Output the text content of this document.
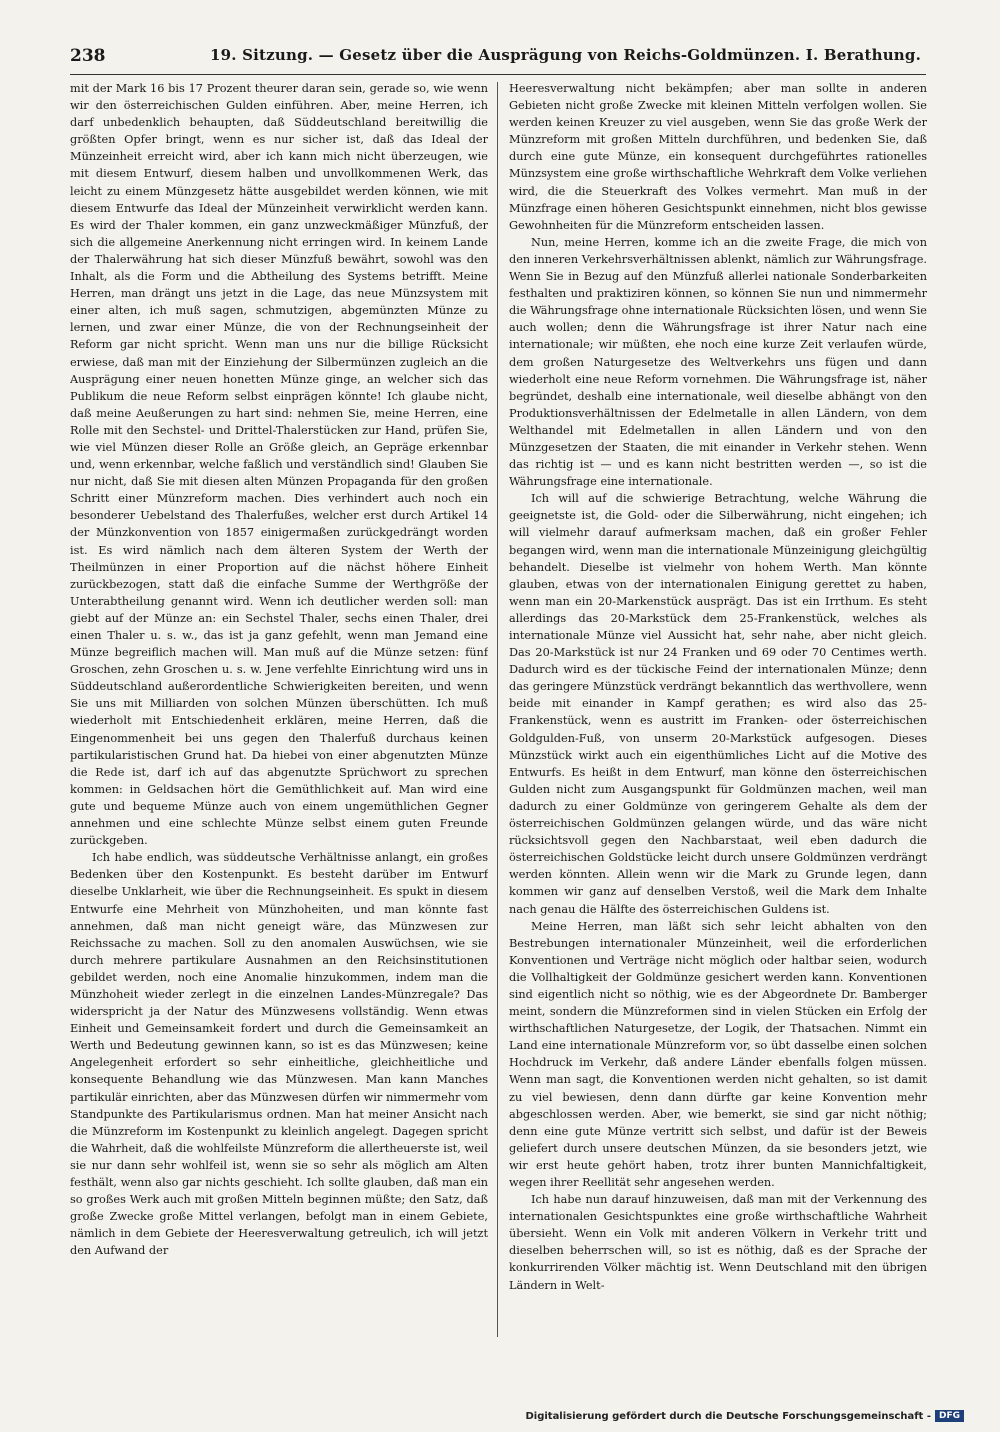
238	19. Sitzung. — Gesetz über die Ausprägung von Reichs-Goldmünzen. I. Berathung.

mit der Mark 16 bis 17 Prozent theurer daran sein, gerade so, wie wenn wir den österreichischen Gulden einführen. Aber, meine Herren, ich darf unbedenklich behaupten, daß Süddeutschland bereitwillig die größten Opfer bringt, wenn es nur sicher ist, daß das Ideal der Münzeinheit erreicht wird, aber ich kann mich nicht überzeugen, wie mit diesem Entwurf, diesem halben und unvollkommenen Werk, das leicht zu einem Münzgesetz hätte ausgebildet werden können, wie mit diesem Entwurfe das Ideal der Münzeinheit verwirklicht werden kann. Es wird der Thaler kommen, ein ganz unzweckmäßiger Münzfuß, der sich die allgemeine Anerkennung nicht erringen wird. In keinem Lande der Thalerwährung hat sich dieser Münzfuß bewährt, sowohl was den Inhalt, als die Form und die Abtheilung des Systems betrifft. Meine Herren, man drängt uns jetzt in die Lage, das neue Münzsystem mit einer alten, ich muß sagen, schmutzigen, abgemünzten Münze zu lernen, und zwar einer Münze, die von der Rechnungseinheit der Reform gar nicht spricht. Wenn man uns nur die billige Rücksicht erwiese, daß man mit der Einziehung der Silbermünzen zugleich an die Ausprägung einer neuen honetten Münze ginge, an welcher sich das Publikum die neue Reform selbst einprägen könnte! Ich glaube nicht, daß meine Aeußerungen zu hart sind: nehmen Sie, meine Herren, eine Rolle mit den Sechstel- und Drittel-Thalerstücken zur Hand, prüfen Sie, wie viel Münzen dieser Rolle an Größe gleich, an Gepräge erkennbar und, wenn erkennbar, welche faßlich und verständlich sind! Glauben Sie nur nicht, daß Sie mit diesen alten Münzen Propaganda für den großen Schritt einer Münzreform machen. Dies verhindert auch noch ein besonderer Uebelstand des Thalerfußes, welcher erst durch Artikel 14 der Münzkonvention von 1857 einigermaßen zurückgedrängt worden ist. Es wird nämlich nach dem älteren System der Werth der Theilmünzen in einer Proportion auf die nächst höhere Einheit zurückbezogen, statt daß die einfache Summe der Werthgröße der Unterabtheilung genannt wird. Wenn ich deutlicher werden soll: man giebt auf der Münze an: ein Sechstel Thaler, sechs einen Thaler, drei einen Thaler u. s. w., das ist ja ganz gefehlt, wenn man Jemand eine Münze begreiflich machen will. Man muß auf die Münze setzen: fünf Groschen, zehn Groschen u. s. w. Jene verfehlte Einrichtung wird uns in Süddeutschland außerordentliche Schwierigkeiten bereiten, und wenn Sie uns mit Milliarden von solchen Münzen überschütten. Ich muß wiederholt mit Entschiedenheit erklären, meine Herren, daß die Eingenommenheit bei uns gegen den Thalerfuß durchaus keinen partikularistischen Grund hat. Da hiebei von einer abgenutzten Münze die Rede ist, darf ich auf das abgenutzte Sprüchwort zu sprechen kommen: in Geldsachen hört die Gemüthlichkeit auf. Man wird eine gute und bequeme Münze auch von einem ungemüthlichen Gegner annehmen und eine schlechte Münze selbst einem guten Freunde zurückgeben.

Ich habe endlich, was süddeutsche Verhältnisse anlangt, ein großes Bedenken über den Kostenpunkt. Es besteht darüber im Entwurf dieselbe Unklarheit, wie über die Rechnungseinheit. Es spukt in diesem Entwurfe eine Mehrheit von Münzhoheiten, und man könnte fast annehmen, daß man nicht geneigt wäre, das Münzwesen zur Reichssache zu machen. Soll zu den anomalen Auswüchsen, wie sie durch mehrere partikulare Ausnahmen an den Reichsinstitutionen gebildet werden, noch eine Anomalie hinzukommen, indem man die Münzhoheit wieder zerlegt in die einzelnen Landes-Münzregale? Das widerspricht ja der Natur des Münzwesens vollständig. Wenn etwas Einheit und Gemeinsamkeit fordert und durch die Gemeinsamkeit an Werth und Bedeutung gewinnen kann, so ist es das Münzwesen; keine Angelegenheit erfordert so sehr einheitliche, gleichheitliche und konsequente Behandlung wie das Münzwesen. Man kann Manches partikulär einrichten, aber das Münzwesen dürfen wir nimmermehr vom Standpunkte des Partikularismus ordnen. Man hat meiner Ansicht nach die Münzreform im Kostenpunkt zu kleinlich angelegt. Dagegen spricht die Wahrheit, daß die wohlfeilste Münzreform die allertheuerste ist, weil sie nur dann sehr wohlfeil ist, wenn sie so sehr als möglich am Alten festhält, wenn also gar nichts geschieht. Ich sollte glauben, daß man ein so großes Werk auch mit großen Mitteln beginnen müßte; den Satz, daß große Zwecke große Mittel verlangen, befolgt man in einem Gebiete, nämlich in dem Gebiete der Heeresverwaltung getreulich, ich will jetzt den Aufwand der

Heeresverwaltung nicht bekämpfen; aber man sollte in anderen Gebieten nicht große Zwecke mit kleinen Mitteln verfolgen wollen. Sie werden keinen Kreuzer zu viel ausgeben, wenn Sie das große Werk der Münzreform mit großen Mitteln durchführen, und bedenken Sie, daß durch eine gute Münze, ein konsequent durchgeführtes rationelles Münzsystem eine große wirthschaftliche Wehrkraft dem Volke verliehen wird, die die Steuerkraft des Volkes vermehrt. Man muß in der Münzfrage einen höheren Gesichtspunkt einnehmen, nicht blos gewisse Gewohnheiten für die Münzreform entscheiden lassen.

Nun, meine Herren, komme ich an die zweite Frage, die mich von den inneren Verkehrsverhältnissen ablenkt, nämlich zur Währungsfrage. Wenn Sie in Bezug auf den Münzfuß allerlei nationale Sonderbarkeiten festhalten und praktiziren können, so können Sie nun und nimmermehr die Währungsfrage ohne internationale Rücksichten lösen, und wenn Sie auch wollen; denn die Währungsfrage ist ihrer Natur nach eine internationale; wir müßten, ehe noch eine kurze Zeit verlaufen würde, dem großen Naturgesetze des Weltverkehrs uns fügen und dann wiederholt eine neue Reform vornehmen. Die Währungsfrage ist, näher begründet, deshalb eine internationale, weil dieselbe abhängt von den Produktionsverhältnissen der Edelmetalle in allen Ländern, von dem Welthandel mit Edelmetallen in allen Ländern und von den Münzgesetzen der Staaten, die mit einander in Verkehr stehen. Wenn das richtig ist — und es kann nicht bestritten werden —, so ist die Währungsfrage eine internationale.

Ich will auf die schwierige Betrachtung, welche Währung die geeignetste ist, die Gold- oder die Silberwährung, nicht eingehen; ich will vielmehr darauf aufmerksam machen, daß ein großer Fehler begangen wird, wenn man die internationale Münzeinigung gleichgültig behandelt. Dieselbe ist vielmehr von hohem Werth. Man könnte glauben, etwas von der internationalen Einigung gerettet zu haben, wenn man ein 20-Markenstück ausprägt. Das ist ein Irrthum. Es steht allerdings das 20-Markstück dem 25-Frankenstück, welches als internationale Münze viel Aussicht hat, sehr nahe, aber nicht gleich. Das 20-Markstück ist nur 24 Franken und 69 oder 70 Centimes werth. Dadurch wird es der tückische Feind der internationalen Münze; denn das geringere Münzstück verdrängt bekanntlich das werthvollere, wenn beide mit einander in Kampf gerathen; es wird also das 25-Frankenstück, wenn es austritt im Franken- oder österreichischen Goldgulden-Fuß, von unserm 20-Markstück aufgesogen. Dieses Münzstück wirkt auch ein eigenthümliches Licht auf die Motive des Entwurfs. Es heißt in dem Entwurf, man könne den österreichischen Gulden nicht zum Ausgangspunkt für Goldmünzen machen, weil man dadurch zu einer Goldmünze von geringerem Gehalte als dem der österreichischen Goldmünzen gelangen würde, und das wäre nicht rücksichtsvoll gegen den Nachbarstaat, weil eben dadurch die österreichischen Goldstücke leicht durch unsere Goldmünzen verdrängt werden könnten. Allein wenn wir die Mark zu Grunde legen, dann kommen wir ganz auf denselben Verstoß, weil die Mark dem Inhalte nach genau die Hälfte des österreichischen Guldens ist.

Meine Herren, man läßt sich sehr leicht abhalten von den Bestrebungen internationaler Münzeinheit, weil die erforderlichen Konventionen und Verträge nicht möglich oder haltbar seien, wodurch die Vollhaltigkeit der Goldmünze gesichert werden kann. Konventionen sind eigentlich nicht so nöthig, wie es der Abgeordnete Dr. Bamberger meint, sondern die Münzreformen sind in vielen Stücken ein Erfolg der wirthschaftlichen Naturgesetze, der Logik, der Thatsachen. Nimmt ein Land eine internationale Münzreform vor, so übt dasselbe einen solchen Hochdruck im Verkehr, daß andere Länder ebenfalls folgen müssen. Wenn man sagt, die Konventionen werden nicht gehalten, so ist damit zu viel bewiesen, denn dann dürfte gar keine Konvention mehr abgeschlossen werden. Aber, wie bemerkt, sie sind gar nicht nöthig; denn eine gute Münze vertritt sich selbst, und dafür ist der Beweis geliefert durch unsere deutschen Münzen, da sie besonders jetzt, wie wir erst heute gehört haben, trotz ihrer bunten Mannichfaltigkeit, wegen ihrer Reellität sehr angesehen werden.

Ich habe nun darauf hinzuweisen, daß man mit der Verkennung des internationalen Gesichtspunktes eine große wirthschaftliche Wahrheit übersieht. Wenn ein Volk mit anderen Völkern in Verkehr tritt und dieselben beherrschen will, so ist es nöthig, daß es der Sprache der konkurrirenden Völker mächtig ist. Wenn Deutschland mit den übrigen Ländern in Welt-

Digitalisierung gefördert durch die Deutsche Forschungsgemeinschaft - DFG
